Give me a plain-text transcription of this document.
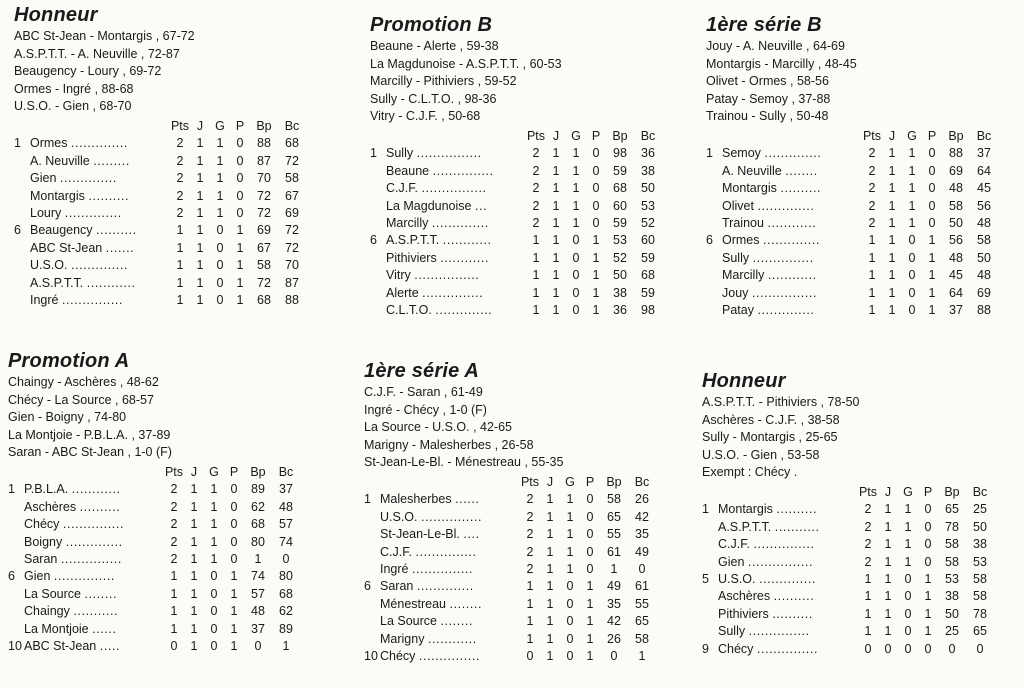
Honneur
ABC St-Jean - Montargis , 67-72
A.S.P.T.T. - A. Neuville , 72-87
Beaugency - Loury , 69-72
Ormes - Ingré , 88-68
U.S.O. - Gien , 68-70
		Pts	J	G	P	Bp	Bc
1	Ormes ..............	2	1	1	0	88	68
	A. Neuville .........	2	1	1	0	87	72
	Gien ..............	2	1	1	0	70	58
	Montargis ..........	2	1	1	0	72	67
	Loury ..............	2	1	1	0	72	69
6	Beaugency ..........	1	1	0	1	69	72
	ABC St-Jean .......	1	1	0	1	67	72
	U.S.O. ..............	1	1	0	1	58	70
	A.S.P.T.T. ............	1	1	0	1	72	87
	Ingré ...............	1	1	0	1	68	88
Promotion B
Beaune - Alerte , 59-38
La Magdunoise - A.S.P.T.T. , 60-53
Marcilly - Pithiviers , 59-52
Sully - C.L.T.O. , 98-36
Vitry - C.J.F. , 50-68
		Pts	J	G	P	Bp	Bc
1	Sully ................	2	1	1	0	98	36
	Beaune ...............	2	1	1	0	59	38
	C.J.F. ................	2	1	1	0	68	50
	La Magdunoise ...	2	1	1	0	60	53
	Marcilly ..............	2	1	1	0	59	52
6	A.S.P.T.T. ............	1	1	0	1	53	60
	Pithiviers ............	1	1	0	1	52	59
	Vitry ................	1	1	0	1	50	68
	Alerte ...............	1	1	0	1	38	59
	C.L.T.O. ..............	1	1	0	1	36	98
1ère série B
Jouy - A. Neuville , 64-69
Montargis - Marcilly , 48-45
Olivet - Ormes , 58-56
Patay - Semoy , 37-88
Trainou - Sully , 50-48
		Pts	J	G	P	Bp	Bc
1	Semoy ..............	2	1	1	0	88	37
	A. Neuville ........	2	1	1	0	69	64
	Montargis ..........	2	1	1	0	48	45
	Olivet ..............	2	1	1	0	58	56
	Trainou ............	2	1	1	0	50	48
6	Ormes ..............	1	1	0	1	56	58
	Sully ...............	1	1	0	1	48	50
	Marcilly ............	1	1	0	1	45	48
	Jouy ................	1	1	0	1	64	69
	Patay ..............	1	1	0	1	37	88
Promotion A
Chaingy - Aschères , 48-62
Chécy - La Source , 68-57
Gien - Boigny , 74-80
La Montjoie - P.B.L.A. , 37-89
Saran - ABC St-Jean , 1-0 (F)
		Pts	J	G	P	Bp	Bc
1	P.B.L.A. ............	2	1	1	0	89	37
	Aschères ..........	2	1	1	0	62	48
	Chécy ...............	2	1	1	0	68	57
	Boigny ..............	2	1	1	0	80	74
	Saran ...............	2	1	1	0	1	0
6	Gien ...............	1	1	0	1	74	80
	La Source ........	1	1	0	1	57	68
	Chaingy ...........	1	1	0	1	48	62
	La Montjoie ......	1	1	0	1	37	89
10	ABC St-Jean .....	0	1	0	1	0	1
1ère série A
C.J.F. - Saran , 61-49
Ingré - Chécy , 1-0 (F)
La Source - U.S.O. , 42-65
Marigny - Malesherbes , 26-58
St-Jean-Le-Bl. - Ménestreau , 55-35
		Pts	J	G	P	Bp	Bc
1	Malesherbes ......	2	1	1	0	58	26
	U.S.O. ...............	2	1	1	0	65	42
	St-Jean-Le-Bl. ....	2	1	1	0	55	35
	C.J.F. ...............	2	1	1	0	61	49
	Ingré ...............	2	1	1	0	1	0
6	Saran ..............	1	1	0	1	49	61
	Ménestreau ........	1	1	0	1	35	55
	La Source ........	1	1	0	1	42	65
	Marigny ............	1	1	0	1	26	58
10	Chécy ...............	0	1	0	1	0	1
Honneur
A.S.P.T.T. - Pithiviers , 78-50
Aschères - C.J.F. , 38-58
Sully - Montargis , 25-65
U.S.O. - Gien , 53-58
Exempt : Chécy .
		Pts	J	G	P	Bp	Bc
1	Montargis ..........	2	1	1	0	65	25
	A.S.P.T.T. ...........	2	1	1	0	78	50
	C.J.F. ...............	2	1	1	0	58	38
	Gien ................	2	1	1	0	58	53
5	U.S.O. ..............	1	1	0	1	53	58
	Aschères ..........	1	1	0	1	38	58
	Pithiviers ..........	1	1	0	1	50	78
	Sully ...............	1	1	0	1	25	65
9	Chécy ...............	0	0	0	0	0	0
